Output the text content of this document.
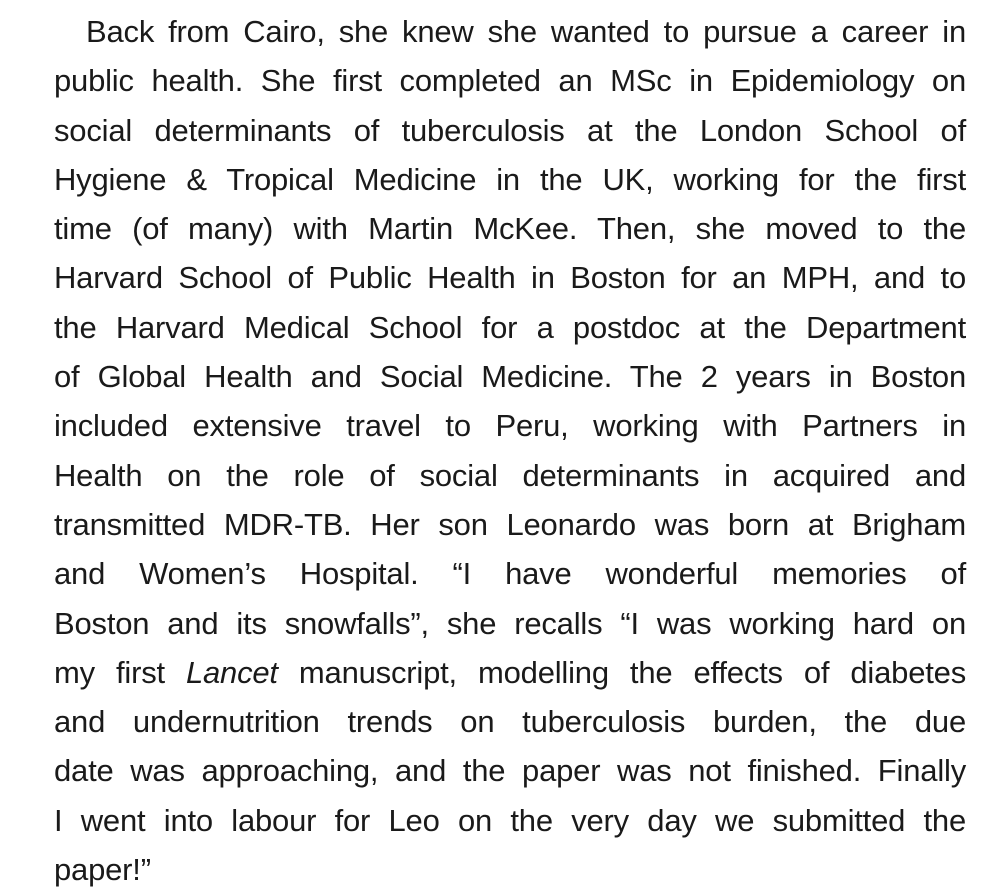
Back from Cairo, she knew she wanted to pursue a career in
public health. She first completed an MSc in Epidemiology on
social determinants of tuberculosis at the London School of
Hygiene & Tropical Medicine in the UK, working for the first
time (of many) with Martin McKee. Then, she moved to the
Harvard School of Public Health in Boston for an MPH, and to
the Harvard Medical School for a postdoc at the Department
of Global Health and Social Medicine. The 2 years in Boston
included extensive travel to Peru, working with Partners in
Health on the role of social determinants in acquired and
transmitted MDR-TB. Her son Leonardo was born at Brigham
and Women’s Hospital. “I have wonderful memories of
Boston and its snowfalls”, she recalls “I was working hard on
my first Lancet manuscript, modelling the effects of diabetes
and undernutrition trends on tuberculosis burden, the due
date was approaching, and the paper was not finished. Finally
I went into labour for Leo on the very day we submitted the
paper!”
